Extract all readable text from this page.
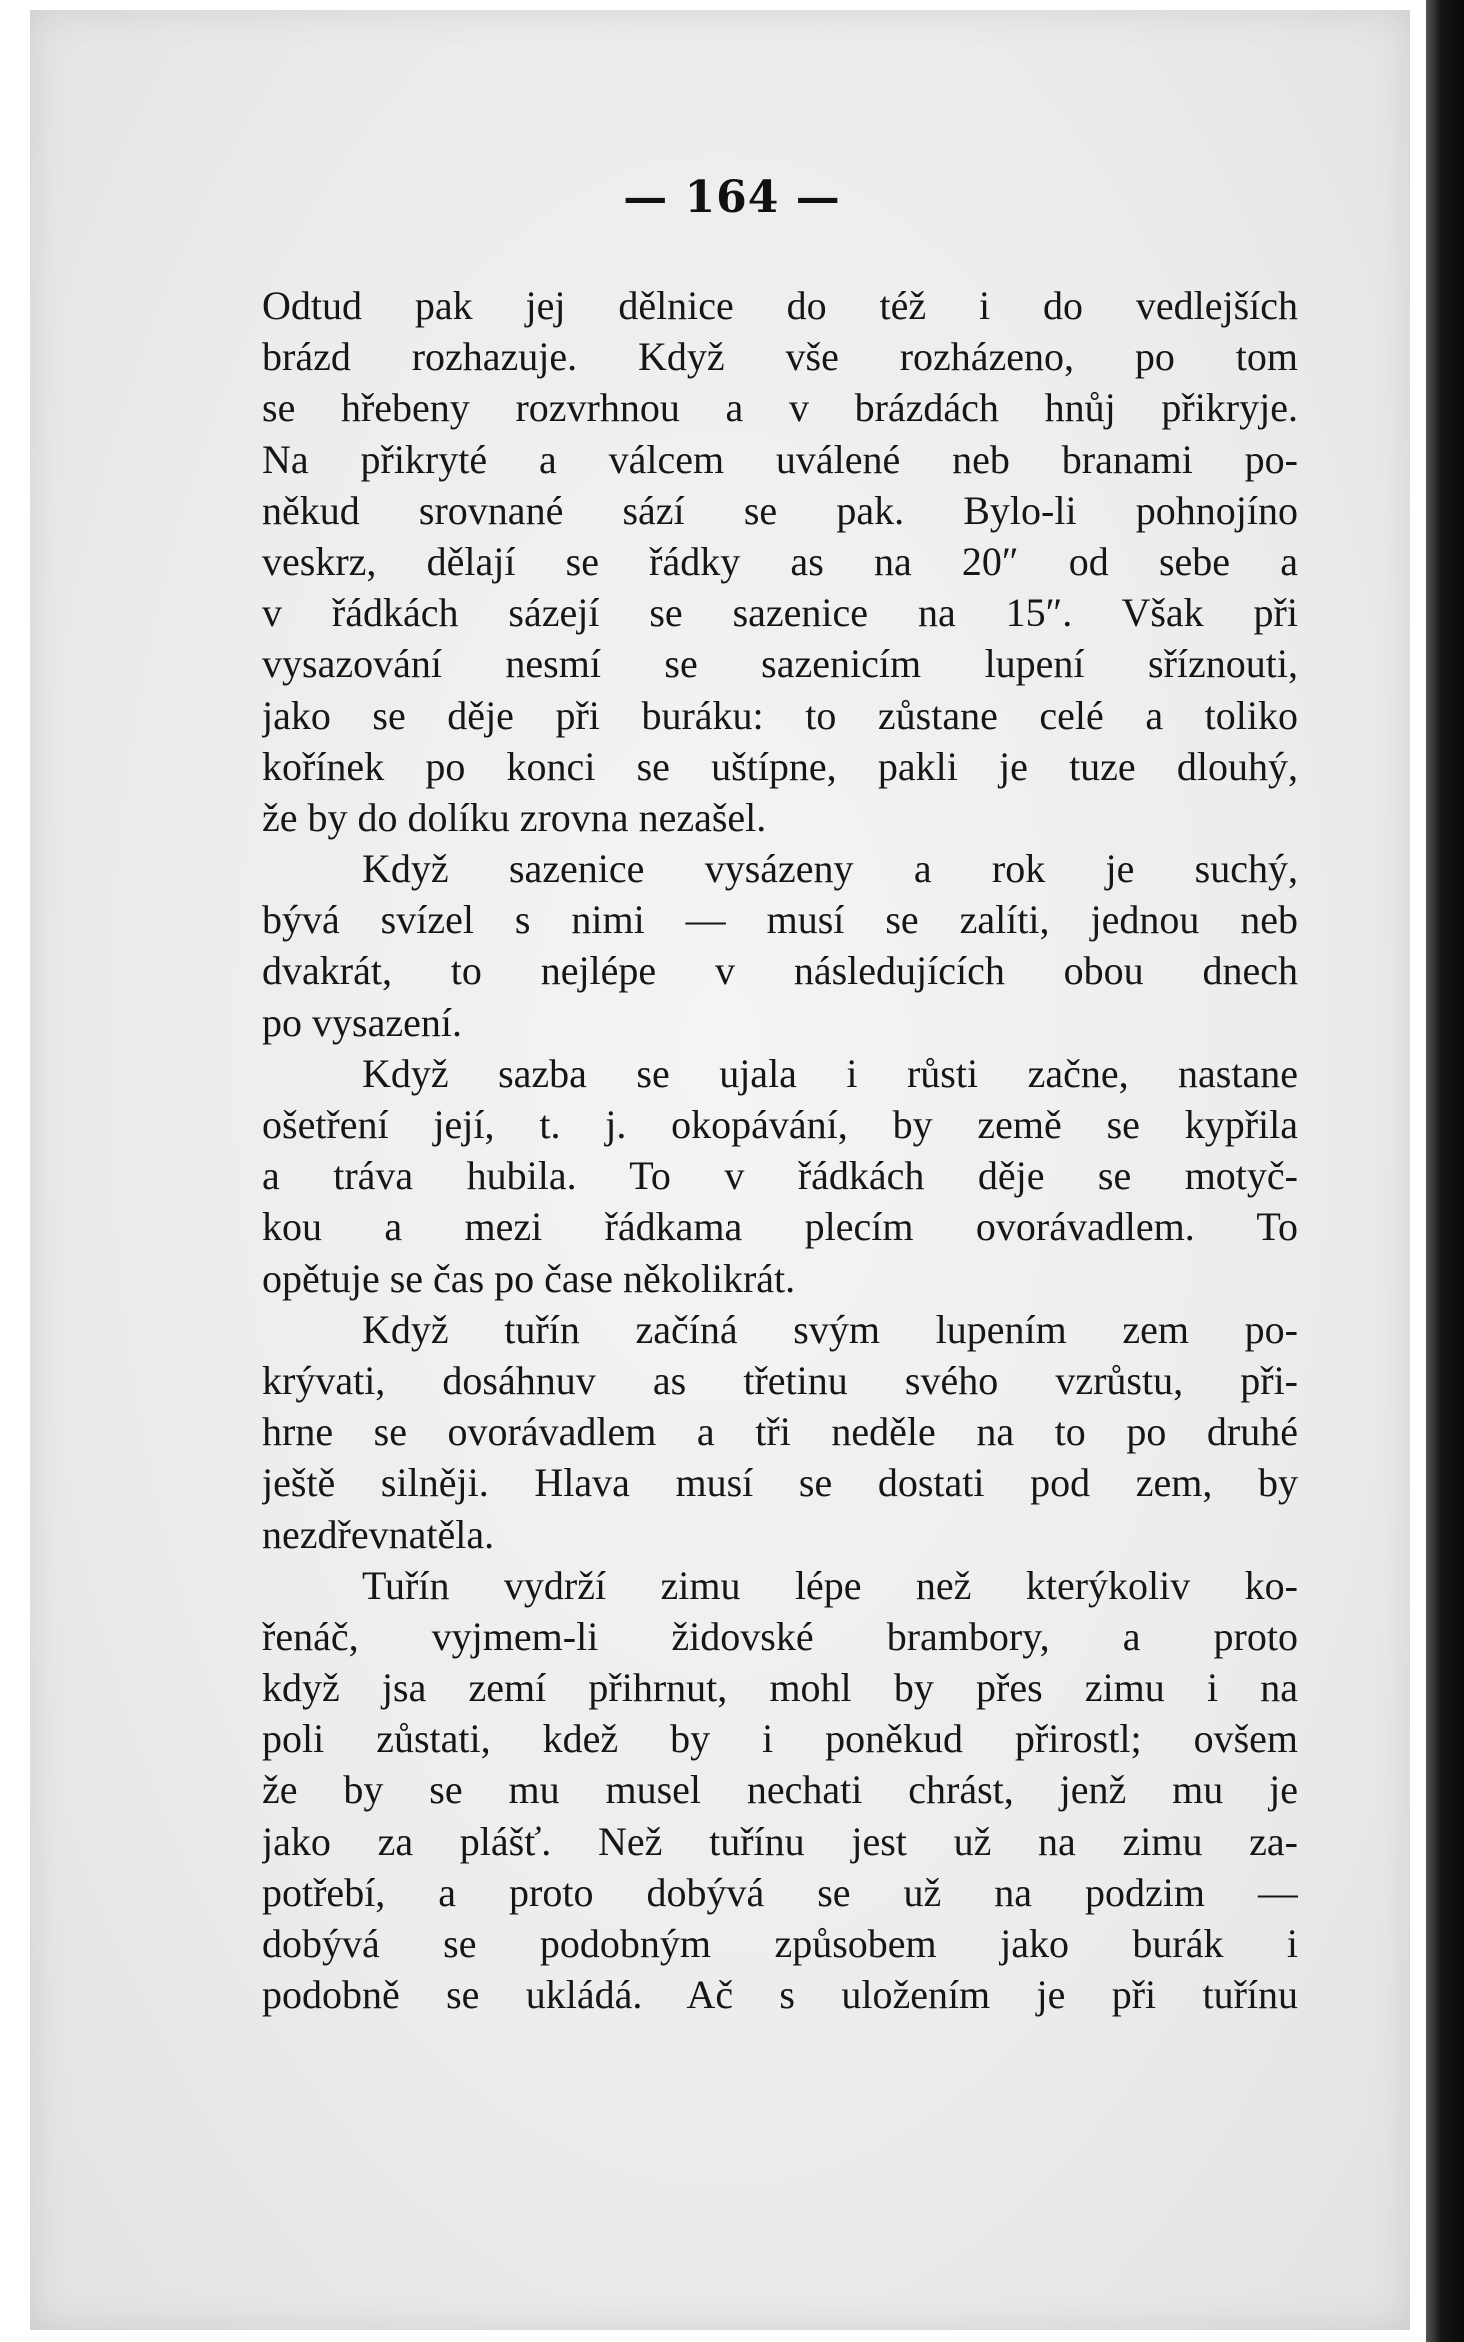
— 164 —
Odtud pak jej dělnice do též i do vedlejších
brázd rozhazuje. Když vše rozházeno, po tom
se hřebeny rozvrhnou a v brázdách hnůj přikryje.
Na přikryté a válcem uválené neb branami po-
někud srovnané sází se pak. Bylo-li pohnojíno
veskrz, dělají se řádky as na 20″ od sebe a
v řádkách sázejí se sazenice na 15″. Však při
vysazování nesmí se sazenicím lupení sříznouti,
jako se děje při buráku: to zůstane celé a toliko
kořínek po konci se uštípne, pakli je tuze dlouhý,
že by do dolíku zrovna nezašel.
Když sazenice vysázeny a rok je suchý,
bývá svízel s nimi — musí se zalíti, jednou neb
dvakrát, to nejlépe v následujících obou dnech
po vysazení.
Když sazba se ujala i růsti začne, nastane
ošetření její, t. j. okopávání, by země se kypřila
a tráva hubila. To v řádkách děje se motyč-
kou a mezi řádkama plecím ovorávadlem. To
opětuje se čas po čase několikrát.
Když tuřín začíná svým lupením zem po-
krývati, dosáhnuv as třetinu svého vzrůstu, při-
hrne se ovorávadlem a tři neděle na to po druhé
ještě silněji. Hlava musí se dostati pod zem, by
nezdřevnatěla.
Tuřín vydrží zimu lépe než kterýkoliv ko-
řenáč, vyjmem-li židovské brambory, a proto
když jsa zemí přihrnut, mohl by přes zimu i na
poli zůstati, kdež by i poněkud přirostl; ovšem
že by se mu musel nechati chrást, jenž mu je
jako za plášť. Než tuřínu jest už na zimu za-
potřebí, a proto dobývá se už na podzim —
dobývá se podobným způsobem jako burák i
podobně se ukládá. Ač s uložením je při tuřínu
